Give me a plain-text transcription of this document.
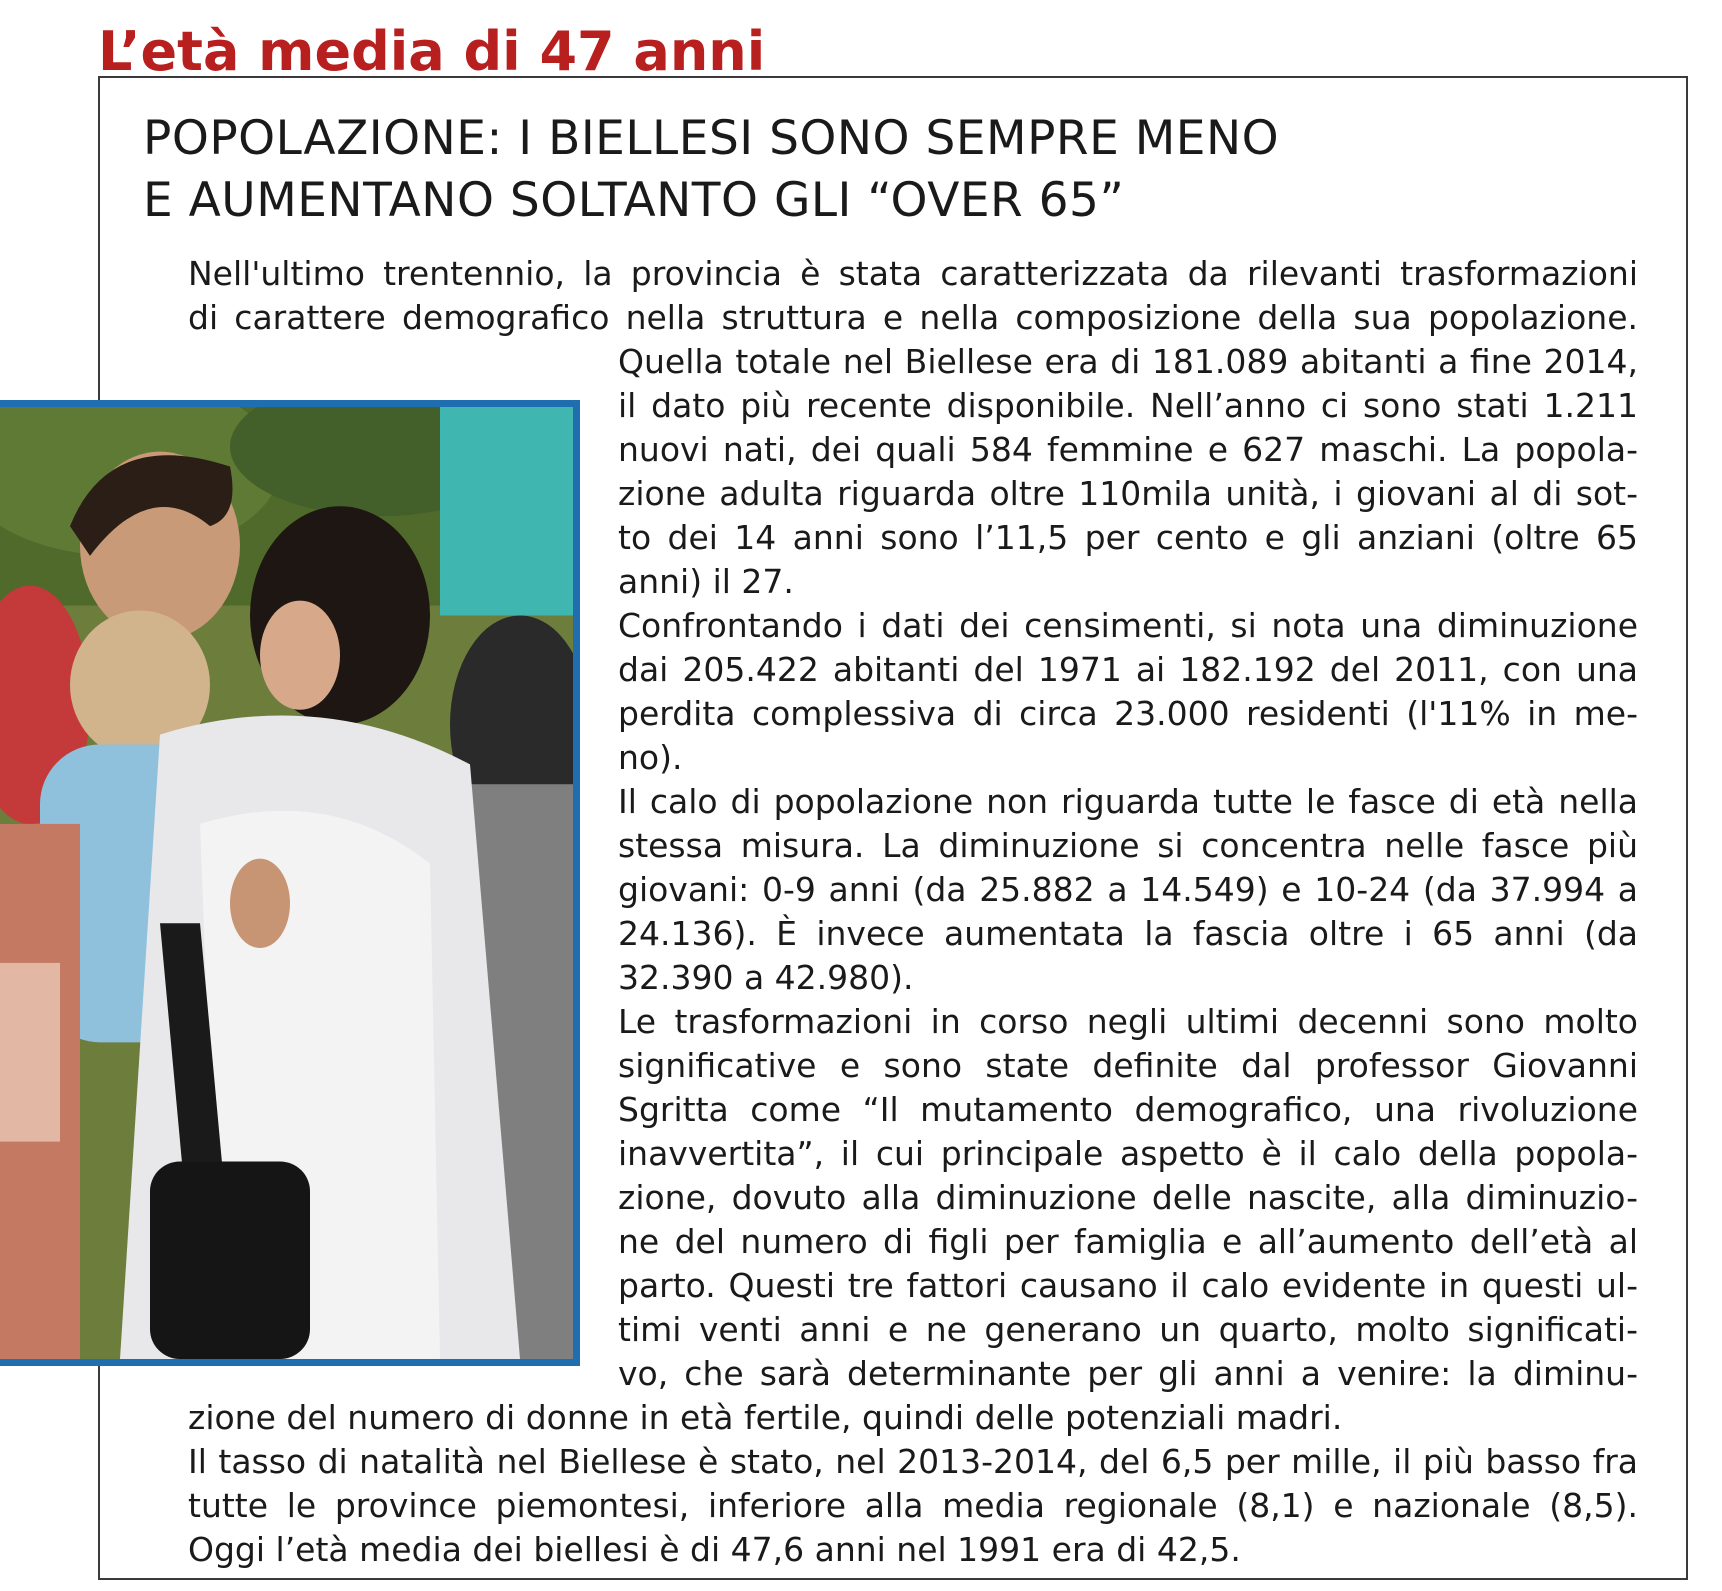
L’età media di 47 anni
POPOLAZIONE: I BIELLESI SONO SEMPRE MENO
E AUMENTANO SOLTANTO GLI “OVER 65”
Nell'ultimo trentennio, la provincia è stata caratterizzata da rilevanti trasformazioni
di carattere demografico nella struttura e nella composizione della sua popolazione.
Quella totale nel Biellese era di 181.089 abitanti a fine 2014,
il dato più recente disponibile. Nell’anno ci sono stati 1.211
nuovi nati, dei quali 584 femmine e 627 maschi. La popola-
zione adulta riguarda oltre 110mila unità, i giovani al di sot-
to dei 14 anni sono l’11,5 per cento e gli anziani (oltre 65
anni) il 27.
Confrontando i dati dei censimenti, si nota una diminuzione
dai 205.422 abitanti del 1971 ai 182.192 del 2011, con una
perdita complessiva di circa 23.000 residenti (l'11% in me-
no).
Il calo di popolazione non riguarda tutte le fasce di età nella
stessa misura. La diminuzione si concentra nelle fasce più
giovani: 0-9 anni (da 25.882 a 14.549) e 10-24 (da 37.994 a
24.136). È invece aumentata la fascia oltre i 65 anni (da
32.390 a 42.980).
Le trasformazioni in corso negli ultimi decenni sono molto
significative e sono state definite dal professor Giovanni
Sgritta come “Il mutamento demografico, una rivoluzione
inavvertita”, il cui principale aspetto è il calo della popola-
zione, dovuto alla diminuzione delle nascite, alla diminuzio-
ne del numero di figli per famiglia e all’aumento dell’età al
parto. Questi tre fattori causano il calo evidente in questi ul-
timi venti anni e ne generano un quarto, molto significati-
vo, che sarà determinante per gli anni a venire: la diminu-
zione del numero di donne in età fertile, quindi delle potenziali madri.
Il tasso di natalità nel Biellese è stato, nel 2013-2014, del 6,5 per mille, il più basso fra
tutte le province piemontesi, inferiore alla media regionale (8,1) e nazionale (8,5).
Oggi l’età media dei biellesi è di 47,6 anni nel 1991 era di 42,5.
